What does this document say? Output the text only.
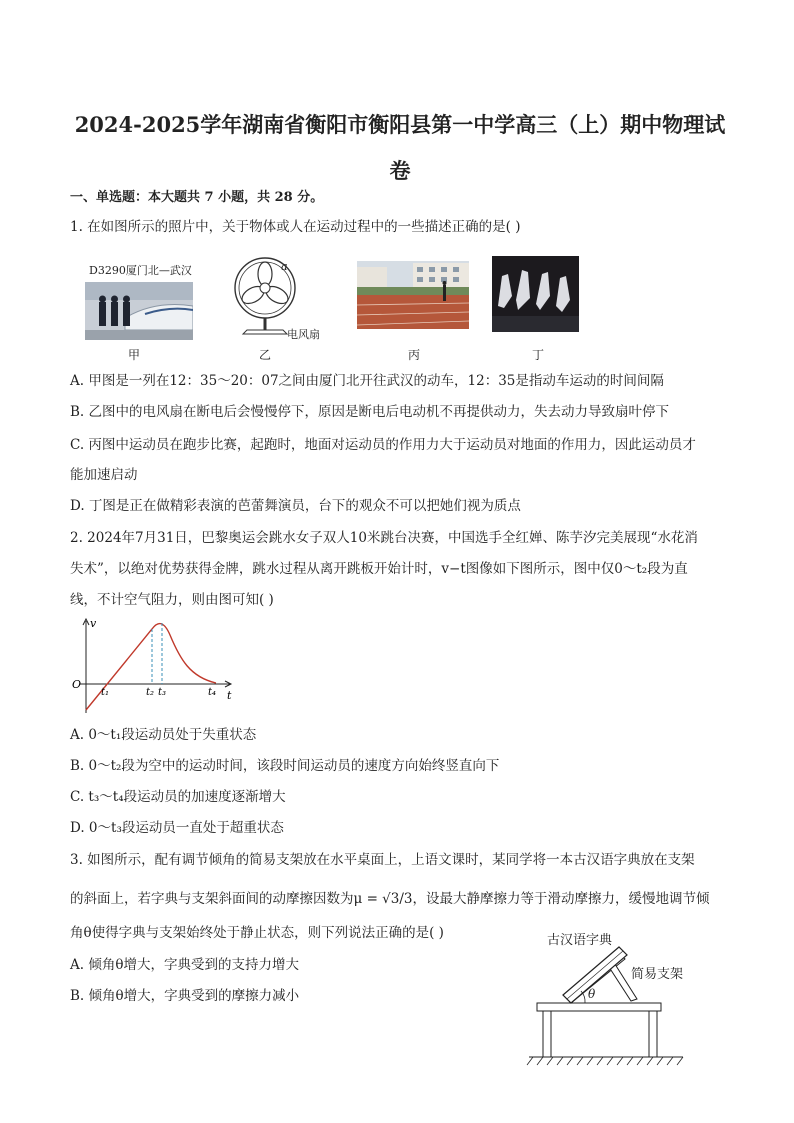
2024-2025学年湖南省衡阳市衡阳县第一中学高三（上）期中物理试
卷
一、单选题：本大题共 7 小题，共 28 分。
1. 在如图所示的照片中，关于物体或人在运动过程中的一些描述正确的是( )
D3290厦门北—武汉
甲
a
电风扇
乙	丙	丁
A. 甲图是一列在12：35～20：07之间由厦门北开往武汉的动车，12：35是指动车运动的时间间隔
B. 乙图中的电风扇在断电后会慢慢停下，原因是断电后电动机不再提供动力，失去动力导致扇叶停下
C. 丙图中运动员在跑步比赛，起跑时，地面对运动员的作用力大于运动员对地面的作用力，因此运动员才
能加速启动
D. 丁图是正在做精彩表演的芭蕾舞演员，台下的观众不可以把她们视为质点
2. 2024年7月31日，巴黎奥运会跳水女子双人10米跳台决赛，中国选手全红婵、陈芋汐完美展现“水花消
失术”，以绝对优势获得金牌，跳水过程从离开跳板开始计时，v−t图像如下图所示，图中仅0～t₂段为直
线，不计空气阻力，则由图可知( )
v
t
O
t₁	t₂ t₃	t₄
A. 0～t₁段运动员处于失重状态
B. 0～t₂段为空中的运动时间，该段时间运动员的速度方向始终竖直向下
C. t₃～t₄段运动员的加速度逐渐增大
D. 0～t₃段运动员一直处于超重状态
3. 如图所示，配有调节倾角的简易支架放在水平桌面上，上语文课时，某同学将一本古汉语字典放在支架
的斜面上，若字典与支架斜面间的动摩擦因数为μ = √3/3，设最大静摩擦力等于滑动摩擦力，缓慢地调节倾
角θ使得字典与支架始终处于静止状态，则下列说法正确的是( )
A. 倾角θ增大，字典受到的支持力增大
B. 倾角θ增大，字典受到的摩擦力减小
古汉语字典
简易支架
θ
